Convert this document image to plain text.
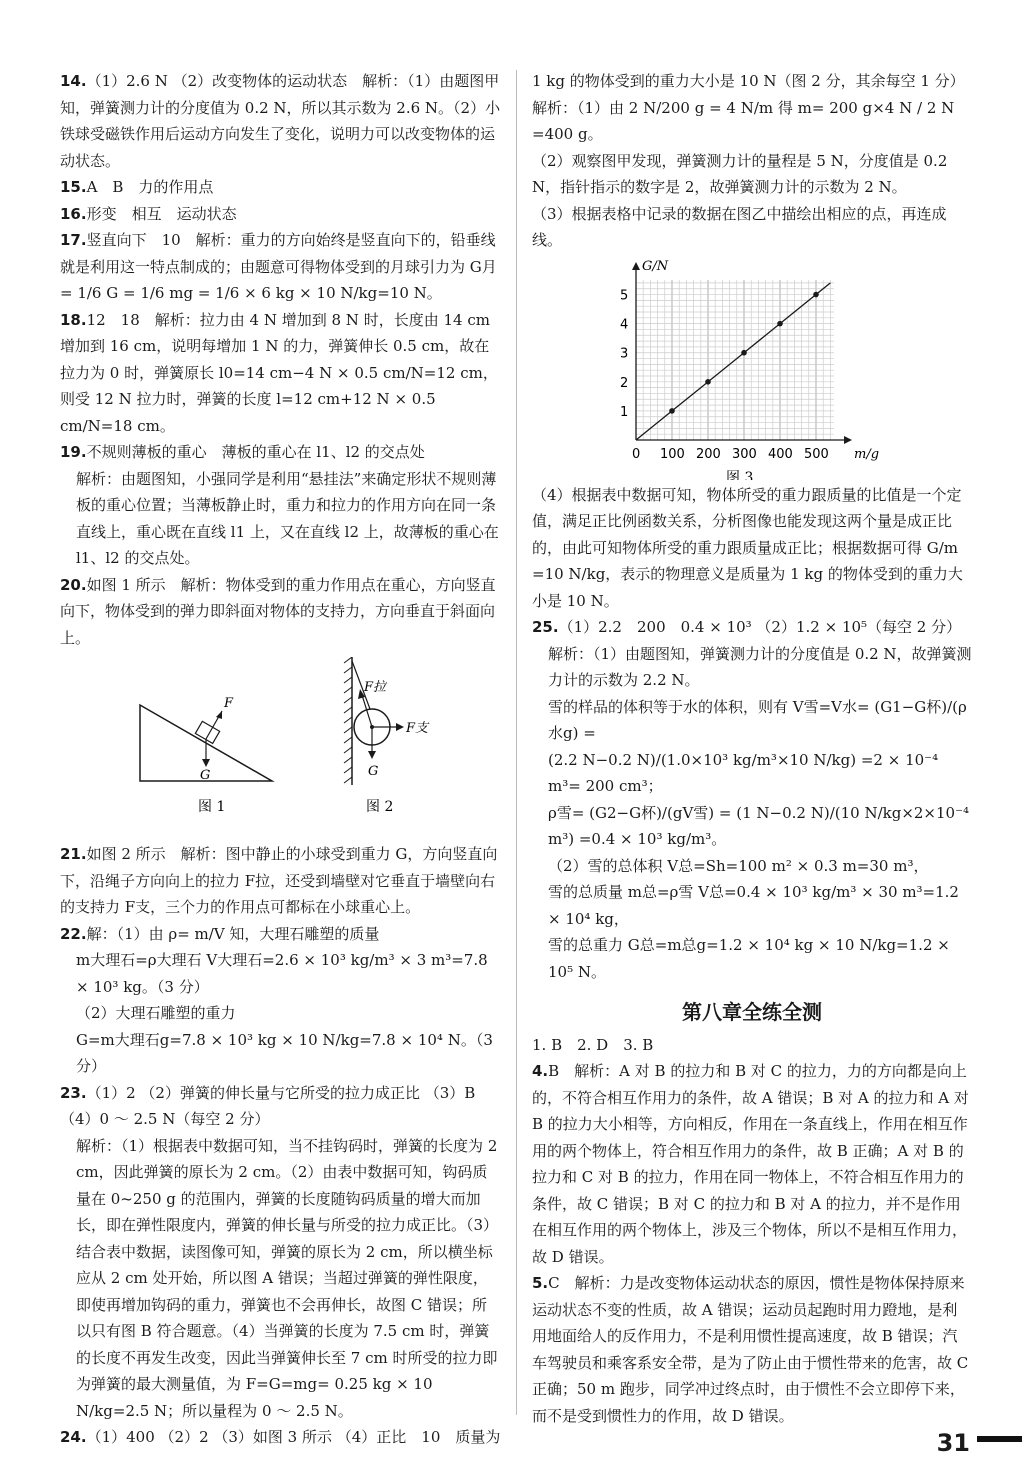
14.（1）2.6 N （2）改变物体的运动状态　解析：（1）由题图甲知，弹簧测力计的分度值为 0.2 N，所以其示数为 2.6 N。（2）小铁球受磁铁作用后运动方向发生了变化，说明力可以改变物体的运动状态。

15.A　B　力的作用点

16.形变　相互　运动状态

17.竖直向下　10　解析：重力的方向始终是竖直向下的，铅垂线就是利用这一特点制成的；由题意可得物体受到的月球引力为 G月 = 1/6 G = 1/6 mg = 1/6 × 6 kg × 10 N/kg=10 N。

18.12　18　解析：拉力由 4 N 增加到 8 N 时，长度由 14 cm 增加到 16 cm，说明每增加 1 N 的力，弹簧伸长 0.5 cm，故在拉力为 0 时，弹簧原长 l0=14 cm−4 N × 0.5 cm/N=12 cm，则受 12 N 拉力时，弹簧的长度 l=12 cm+12 N × 0.5 cm/N=18 cm。

19.不规则薄板的重心　薄板的重心在 l1、l2 的交点处

解析：由题图知，小强同学是利用“悬挂法”来确定形状不规则薄板的重心位置；当薄板静止时，重力和拉力的作用方向在同一条直线上，重心既在直线 l1 上，又在直线 l2 上，故薄板的重心在 l1、l2 的交点处。

20.如图 1 所示　解析：物体受到的重力作用点在重心，方向竖直向下，物体受到的弹力即斜面对物体的支持力，方向垂直于斜面向上。

F
G
图 1
F拉
F支
G
图 2

21.如图 2 所示　解析：图中静止的小球受到重力 G，方向竖直向下，沿绳子方向向上的拉力 F拉，还受到墙壁对它垂直于墙壁向右的支持力 F支，三个力的作用点可都标在小球重心上。

22.解：（1）由 ρ= m/V 知，大理石雕塑的质量

m大理石=ρ大理石 V大理石=2.6 × 10³ kg/m³ × 3 m³=7.8 × 10³ kg。（3 分）

（2）大理石雕塑的重力

G=m大理石g=7.8 × 10³ kg × 10 N/kg=7.8 × 10⁴ N。（3 分）

23.（1）2 （2）弹簧的伸长量与它所受的拉力成正比 （3）B （4）0 ～ 2.5 N（每空 2 分）

解析：（1）根据表中数据可知，当不挂钩码时，弹簧的长度为 2 cm，因此弹簧的原长为 2 cm。（2）由表中数据可知，钩码质量在 0~250 g 的范围内，弹簧的长度随钩码质量的增大而加长，即在弹性限度内，弹簧的伸长量与所受的拉力成正比。（3）结合表中数据，读图像可知，弹簧的原长为 2 cm，所以横坐标应从 2 cm 处开始，所以图 A 错误；当超过弹簧的弹性限度，即使再增加钩码的重力，弹簧也不会再伸长，故图 C 错误；所以只有图 B 符合题意。（4）当弹簧的长度为 7.5 cm 时，弹簧的长度不再发生改变，因此当弹簧伸长至 7 cm 时所受的拉力即为弹簧的最大测量值，为 F=G=mg= 0.25 kg × 10 N/kg=2.5 N；所以量程为 0 ～ 2.5 N。

24.（1）400 （2）2 （3）如图 3 所示 （4）正比　10　质量为

1 kg 的物体受到的重力大小是 10 N（图 2 分，其余每空 1 分）

解析：（1）由 2 N/200 g = 4 N/m 得 m= 200 g×4 N / 2 N =400 g。

（2）观察图甲发现，弹簧测力计的量程是 5 N，分度值是 0.2 N，指针指示的数字是 2，故弹簧测力计的示数为 2 N。

（3）根据表格中记录的数据在图乙中描绘出相应的点，再连成线。

0 100 200 300 400 500
1
2
3
4
5
m/g
G/N
图 3

（4）根据表中数据可知，物体所受的重力跟质量的比值是一个定值，满足正比例函数关系，分析图像也能发现这两个量是成正比的，由此可知物体所受的重力跟质量成正比；根据数据可得 G/m =10 N/kg，表示的物理意义是质量为 1 kg 的物体受到的重力大小是 10 N。

25.（1）2.2　200　0.4 × 10³ （2）1.2 × 10⁵（每空 2 分）

解析：（1）由题图知，弹簧测力计的分度值是 0.2 N，故弹簧测力计的示数为 2.2 N。

雪的样品的体积等于水的体积，则有 V雪=V水= (G1−G杯)/(ρ水g) =

(2.2 N−0.2 N)/(1.0×10³ kg/m³×10 N/kg) =2 × 10⁻⁴ m³= 200 cm³；

ρ雪= (G2−G杯)/(gV雪) = (1 N−0.2 N)/(10 N/kg×2×10⁻⁴ m³) =0.4 × 10³ kg/m³。

（2）雪的总体积 V总=Sh=100 m² × 0.3 m=30 m³，

雪的总质量 m总=ρ雪 V总=0.4 × 10³ kg/m³ × 30 m³=1.2 × 10⁴ kg，

雪的总重力 G总=m总g=1.2 × 10⁴ kg × 10 N/kg=1.2 × 10⁵ N。

第八章全练全测

1. B　2. D　3. B

4.B　解析：A 对 B 的拉力和 B 对 C 的拉力，力的方向都是向上的，不符合相互作用力的条件，故 A 错误；B 对 A 的拉力和 A 对 B 的拉力大小相等，方向相反，作用在一条直线上，作用在相互作用的两个物体上，符合相互作用力的条件，故 B 正确；A 对 B 的拉力和 C 对 B 的拉力，作用在同一物体上，不符合相互作用力的条件，故 C 错误；B 对 C 的拉力和 B 对 A 的拉力，并不是作用在相互作用的两个物体上，涉及三个物体，所以不是相互作用力，故 D 错误。

5.C　解析：力是改变物体运动状态的原因，惯性是物体保持原来运动状态不变的性质，故 A 错误；运动员起跑时用力蹬地，是利用地面给人的反作用力，不是利用惯性提高速度，故 B 错误；汽车驾驶员和乘客系安全带，是为了防止由于惯性带来的危害，故 C 正确；50 m 跑步，同学冲过终点时，由于惯性不会立即停下来，而不是受到惯性力的作用，故 D 错误。

31
